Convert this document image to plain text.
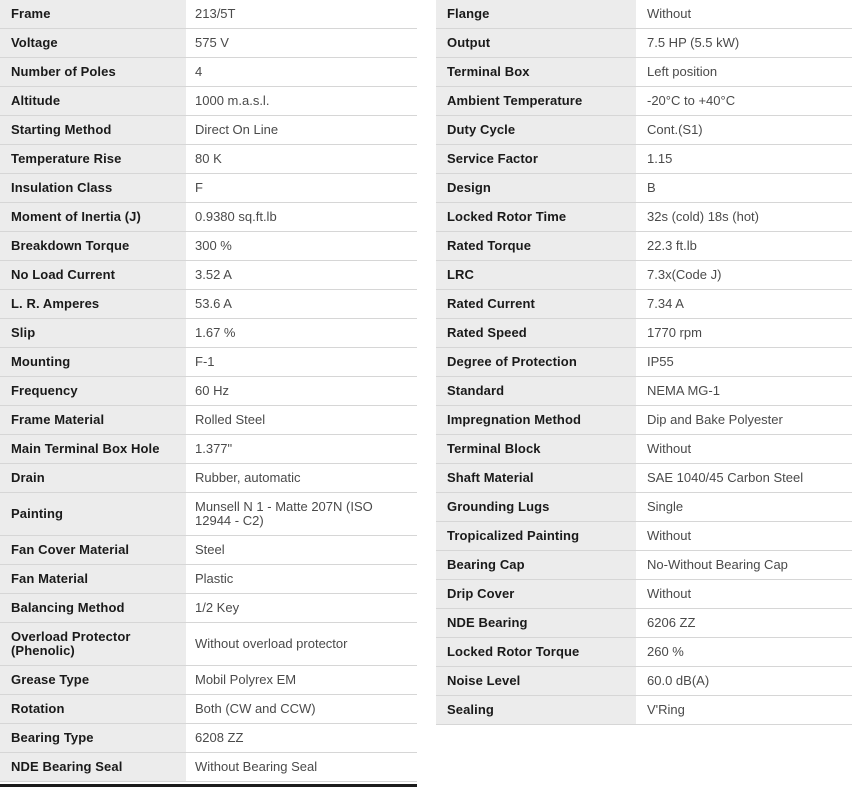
Frame	213/5T
Voltage	575 V
Number of Poles	4
Altitude	1000 m.a.s.l.
Starting Method	Direct On Line
Temperature Rise	80 K
Insulation Class	F
Moment of Inertia (J)	0.9380 sq.ft.lb
Breakdown Torque	300 %
No Load Current	3.52 A
L. R. Amperes	53.6 A
Slip	1.67 %
Mounting	F-1
Frequency	60 Hz
Frame Material	Rolled Steel
Main Terminal Box Hole	1.377"
Drain	Rubber, automatic
Painting	Munsell N 1 - Matte 207N (ISO 12944 - C2)
Fan Cover Material	Steel
Fan Material	Plastic
Balancing Method	1/2 Key
Overload Protector (Phenolic)	Without overload protector
Grease Type	Mobil Polyrex EM
Rotation	Both (CW and CCW)
Bearing Type	6208 ZZ
NDE Bearing Seal	Without Bearing Seal
Flange	Without
Output	7.5 HP (5.5 kW)
Terminal Box	Left position
Ambient Temperature	-20°C to +40°C
Duty Cycle	Cont.(S1)
Service Factor	1.15
Design	B
Locked Rotor Time	32s (cold) 18s (hot)
Rated Torque	22.3 ft.lb
LRC	7.3x(Code J)
Rated Current	7.34 A
Rated Speed	1770 rpm
Degree of Protection	IP55
Standard	NEMA MG-1
Impregnation Method	Dip and Bake Polyester
Terminal Block	Without
Shaft Material	SAE 1040/45 Carbon Steel
Grounding Lugs	Single
Tropicalized Painting	Without
Bearing Cap	No-Without Bearing Cap
Drip Cover	Without
NDE Bearing	6206 ZZ
Locked Rotor Torque	260 %
Noise Level	60.0 dB(A)
Sealing	V'Ring
